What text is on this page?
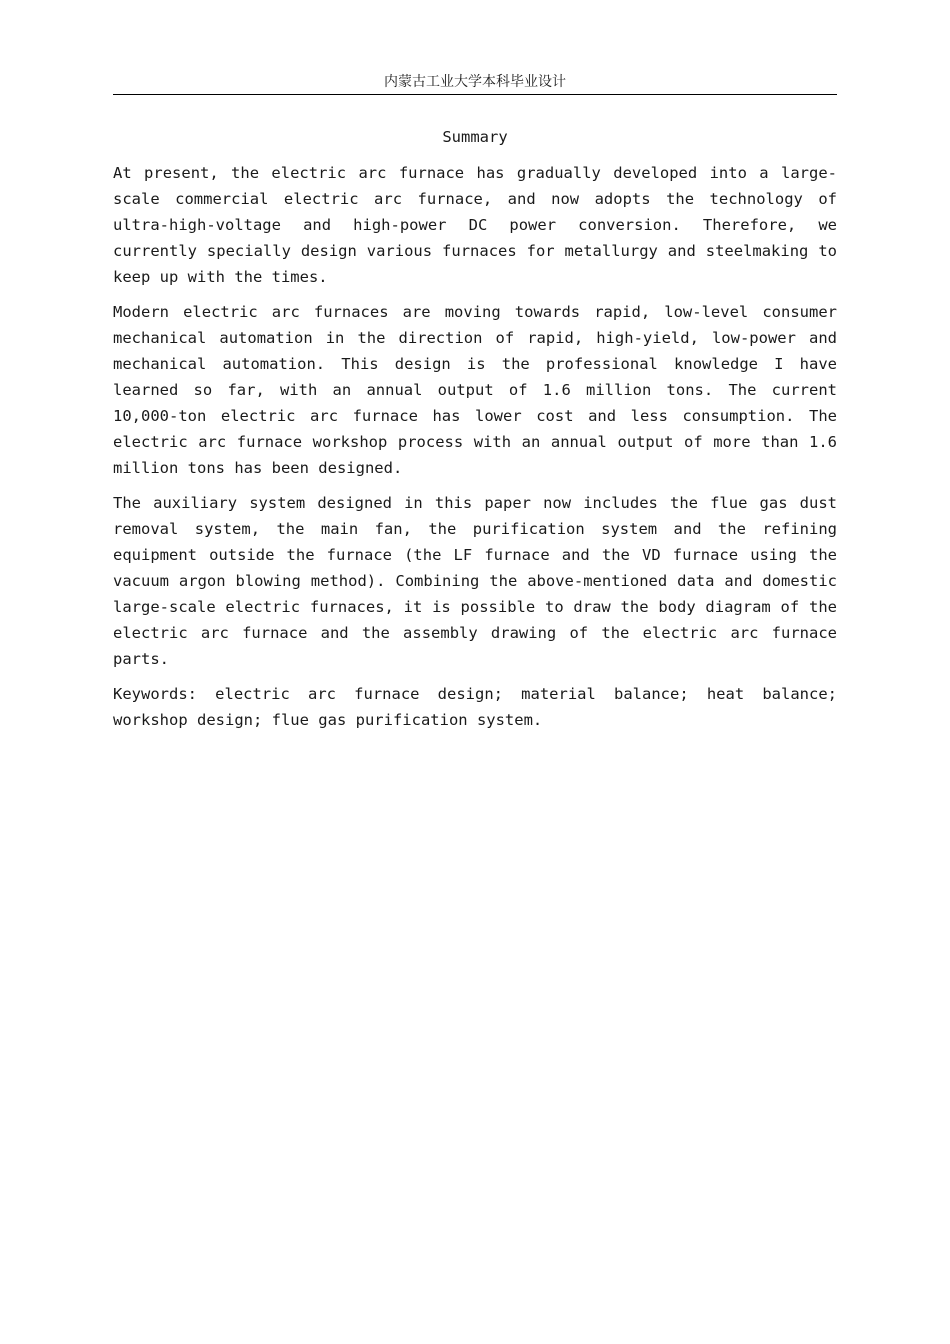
内蒙古工业大学本科毕业设计
Summary

At present, the electric arc furnace has gradually developed into a large-scale commercial electric arc furnace, and now adopts the technology of ultra-high-voltage and high-power DC power conversion. Therefore, we currently specially design various furnaces for metallurgy and steelmaking to keep up with the times.

Modern electric arc furnaces are moving towards rapid, low-level consumer mechanical automation in the direction of rapid, high-yield, low-power and mechanical automation. This design is the professional knowledge I have learned so far, with an annual output of 1.6 million tons. The current 10,000-ton electric arc furnace has lower cost and less consumption. The electric arc furnace workshop process with an annual output of more than 1.6 million tons has been designed.

The auxiliary system designed in this paper now includes the flue gas dust removal system, the main fan, the purification system and the refining equipment outside the furnace (the LF furnace and the VD furnace using the vacuum argon blowing method). Combining the above-mentioned data and domestic large-scale electric furnaces, it is possible to draw the body diagram of the electric arc furnace and the assembly drawing of the electric arc furnace parts.

Keywords: electric arc furnace design; material balance; heat balance; workshop design; flue gas purification system.
